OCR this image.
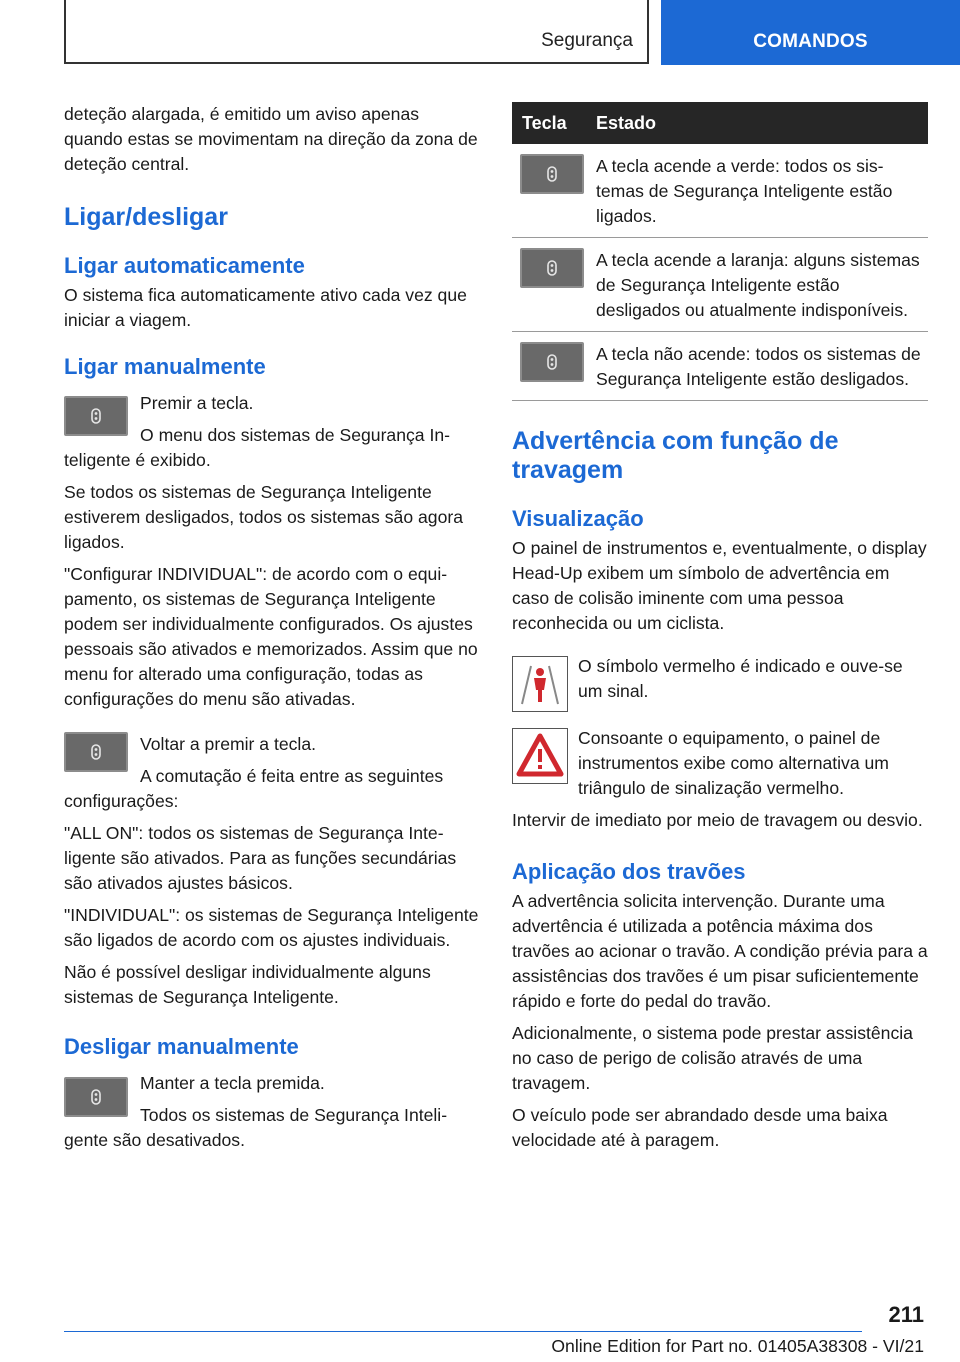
Segurança	COMANDOS

deteção alargada, é emitido um aviso apenas quando estas se movimentam na direção da zona de deteção central.

Ligar/desligar
Ligar automaticamente

O sistema fica automaticamente ativo cada vez que iniciar a viagem.

Ligar manualmente

Premir a tecla.

O menu dos sistemas de Segurança Inteligente é exibido.

Se todos os sistemas de Segurança Inteligente estiverem desligados, todos os sistemas são agora ligados.

"Configurar INDIVIDUAL": de acordo com o equipamento, os sistemas de Segurança Inteligente podem ser individualmente configurados. Os ajustes pessoais são ativados e memorizados. Assim que no menu for alterado uma configuração, todas as configurações do menu são ativadas.

Voltar a premir a tecla.

A comutação é feita entre as seguintes configurações:

"ALL ON": todos os sistemas de Segurança Inteligente são ativados. Para as funções secundárias são ativados ajustes básicos.

"INDIVIDUAL": os sistemas de Segurança Inteligente são ligados de acordo com os ajustes individuais.

Não é possível desligar individualmente alguns sistemas de Segurança Inteligente.

Desligar manualmente

Manter a tecla premida.

Todos os sistemas de Segurança Inteligente são desativados.

Tecla	Estado

	A tecla acende a verde: todos os sistemas de Segurança Inteligente estão ligados.

	A tecla acende a laranja: alguns sistemas de Segurança Inteligente estão desligados ou atualmente indisponíveis.

	A tecla não acende: todos os sistemas de Segurança Inteligente estão desligados.
Advertência com função de travagem
Visualização

O painel de instrumentos e, eventualmente, o display Head-Up exibem um símbolo de advertência em caso de colisão iminente com uma pessoa reconhecida ou um ciclista.

O símbolo vermelho é indicado e ouve-se um sinal.

Consoante o equipamento, o painel de instrumentos exibe como alternativa um triângulo de sinalização vermelho.

Intervir de imediato por meio de travagem ou desvio.

Aplicação dos travões

A advertência solicita intervenção. Durante uma advertência é utilizada a potência máxima dos travões ao acionar o travão. A condição prévia para a assistências dos travões é um pisar suficientemente rápido e forte do pedal do travão.

Adicionalmente, o sistema pode prestar assistência no caso de perigo de colisão através de uma travagem.

O veículo pode ser abrandado desde uma baixa velocidade até à paragem.

211
Online Edition for Part no. 01405A38308 - VI/21
